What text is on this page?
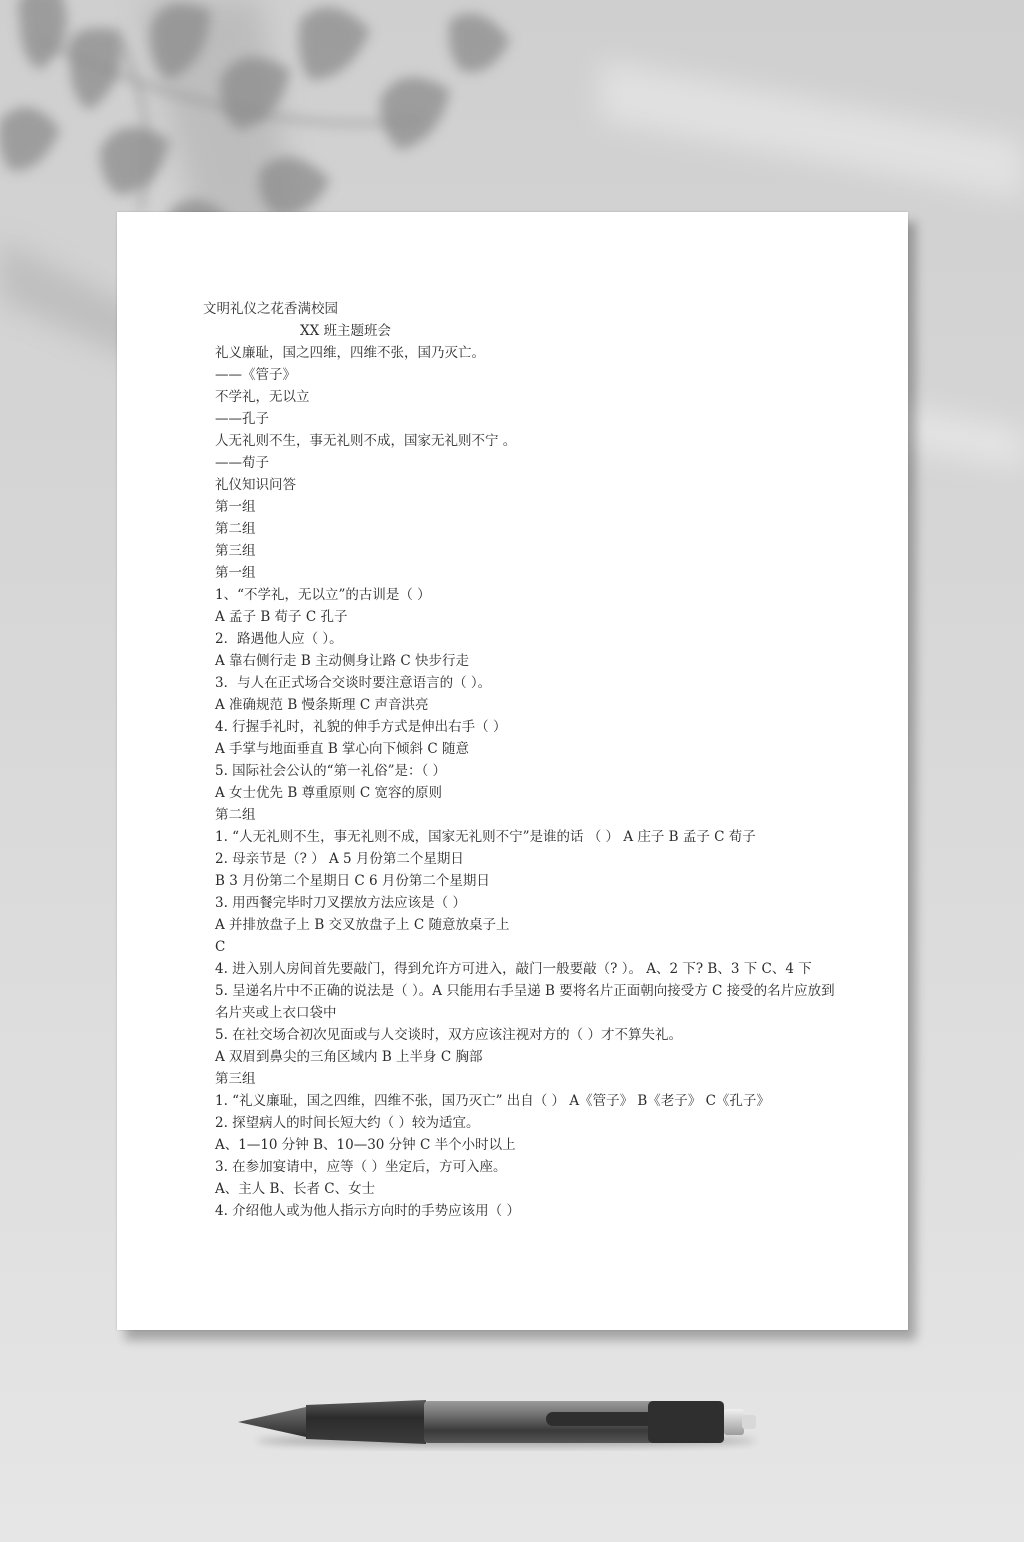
文明礼仪之花香满校园
XX 班主题班会
礼义廉耻，国之四维，四维不张，国乃灭亡。
——《管子》
不学礼，无以立
——孔子
人无礼则不生，事无礼则不成，国家无礼则不宁 。
——荀子
礼仪知识问答
第一组
第二组
第三组
第一组
1、“不学礼，无以立”的古训是（ ）
A 孟子 B 荀子 C 孔子
2．路遇他人应（ ）。
A 靠右侧行走 B 主动侧身让路 C 快步行走
3．与人在正式场合交谈时要注意语言的（ ）。
A 准确规范 B 慢条斯理 C 声音洪亮
4. 行握手礼时，礼貌的伸手方式是伸出右手（ ）
A 手掌与地面垂直 B 掌心向下倾斜 C 随意
5. 国际社会公认的“第一礼俗”是：（ ）
A 女士优先 B 尊重原则 C 宽容的原则
第二组
1. “人无礼则不生，事无礼则不成，国家无礼则不宁”是谁的话 （ ） A 庄子 B 孟子 C 荀子
2. 母亲节是（? ） A 5 月份第二个星期日
B 3 月份第二个星期日 C 6 月份第二个星期日
3. 用西餐完毕时刀叉摆放方法应该是（ ）
A 并排放盘子上 B 交叉放盘子上 C 随意放桌子上
C
4. 进入别人房间首先要敲门，得到允许方可进入，敲门一般要敲（? ）。 A、2 下? B、3 下 C、4 下
5. 呈递名片中不正确的说法是（ ）。A 只能用右手呈递 B 要将名片正面朝向接受方 C 接受的名片应放到名片夹或上衣口袋中
5. 在社交场合初次见面或与人交谈时，双方应该注视对方的（ ）才不算失礼。
A 双眉到鼻尖的三角区域内 B 上半身 C 胸部
第三组
1. “礼义廉耻，国之四维，四维不张，国乃灭亡” 出自（ ） A《管子》 B《老子》 C《孔子》
2. 探望病人的时间长短大约（ ）较为适宜。
A、1—10 分钟 B、10—30 分钟 C 半个小时以上
3. 在参加宴请中，应等（ ）坐定后，方可入座。
A、主人 B、长者 C、女士
4. 介绍他人或为他人指示方向时的手势应该用（ ）
